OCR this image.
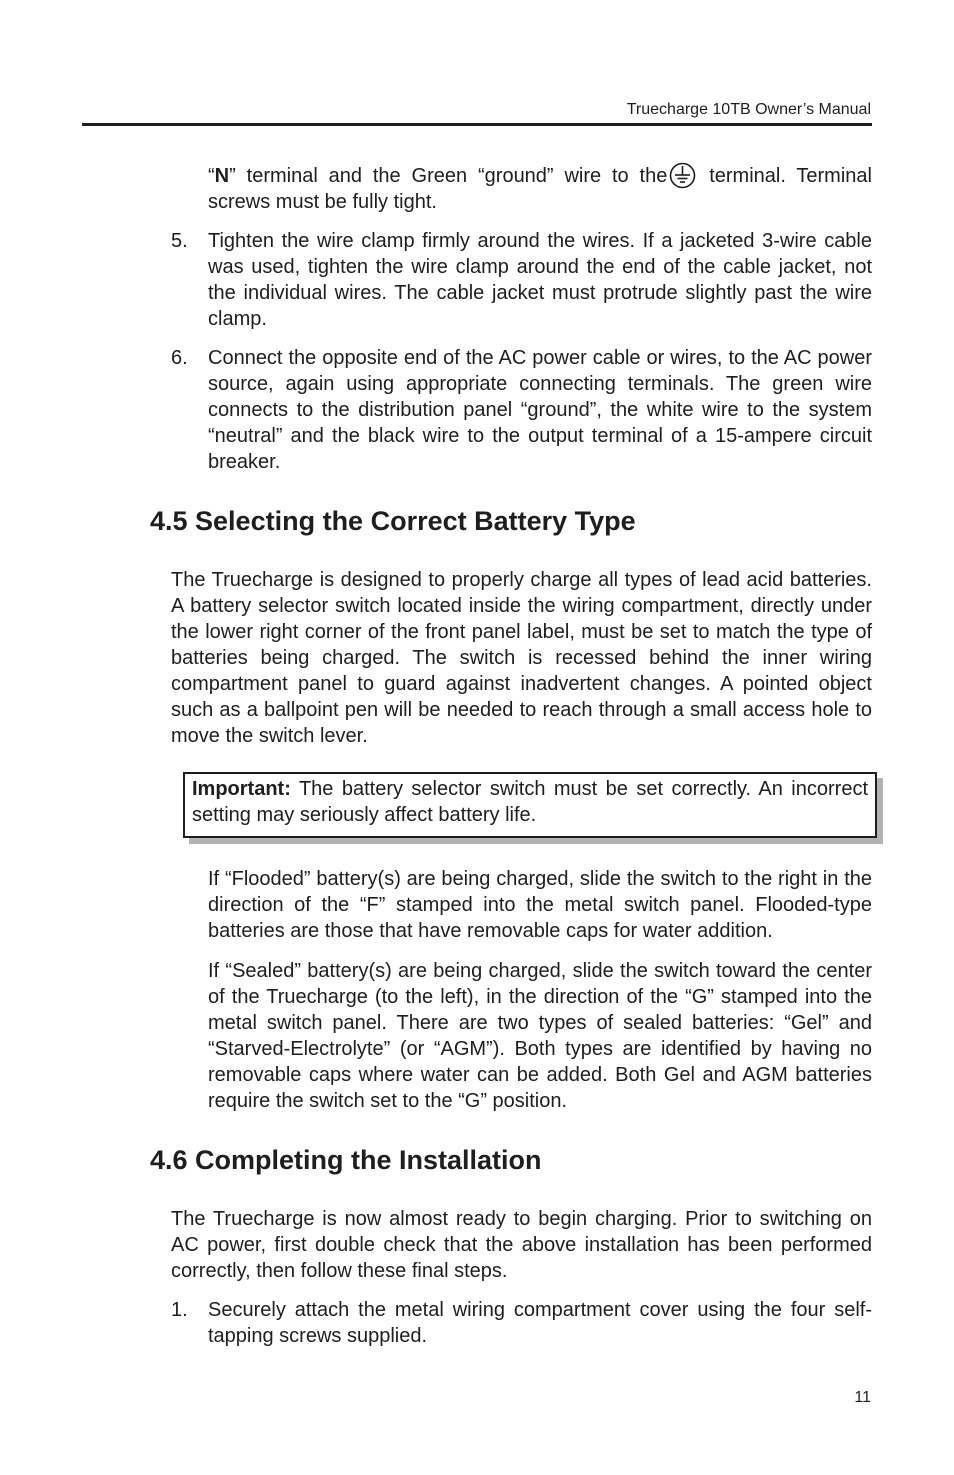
Truecharge 10TB Owner’s Manual
“N” terminal and the Green “ground” wire to the terminal. Terminal screws must be fully tight.
5. Tighten the wire clamp firmly around the wires. If a jacketed 3-wire cable was used, tighten the wire clamp around the end of the cable jacket, not the individual wires. The cable jacket must protrude slightly past the wire clamp.
6. Connect the opposite end of the AC power cable or wires, to the AC power source, again using appropriate connecting terminals. The green wire connects to the distribution panel “ground”, the white wire to the system “neutral” and the black wire to the output terminal of a 15-ampere circuit breaker.
4.5 Selecting the Correct Battery Type
The Truecharge is designed to properly charge all types of lead acid batteries. A battery selector switch located inside the wiring compartment, directly under the lower right corner of the front panel label, must be set to match the type of batteries being charged. The switch is recessed behind the inner wiring compartment panel to guard against inadvertent changes. A pointed object such as a ballpoint pen will be needed to reach through a small access hole to move the switch lever.
Important: The battery selector switch must be set correctly. An incorrect setting may seriously affect battery life.
If “Flooded” battery(s) are being charged, slide the switch to the right in the direction of the “F” stamped into the metal switch panel. Flooded-type batteries are those that have removable caps for water addition.
If “Sealed” battery(s) are being charged, slide the switch toward the center of the Truecharge (to the left), in the direction of the “G” stamped into the metal switch panel. There are two types of sealed batteries: “Gel” and “Starved-Electrolyte” (or “AGM”). Both types are identified by having no removable caps where water can be added. Both Gel and AGM batteries require the switch set to the “G” position.
4.6 Completing the Installation
The Truecharge is now almost ready to begin charging. Prior to switching on AC power, first double check that the above installation has been performed correctly, then follow these final steps.
1. Securely attach the metal wiring compartment cover using the four self-tapping screws supplied.
11
